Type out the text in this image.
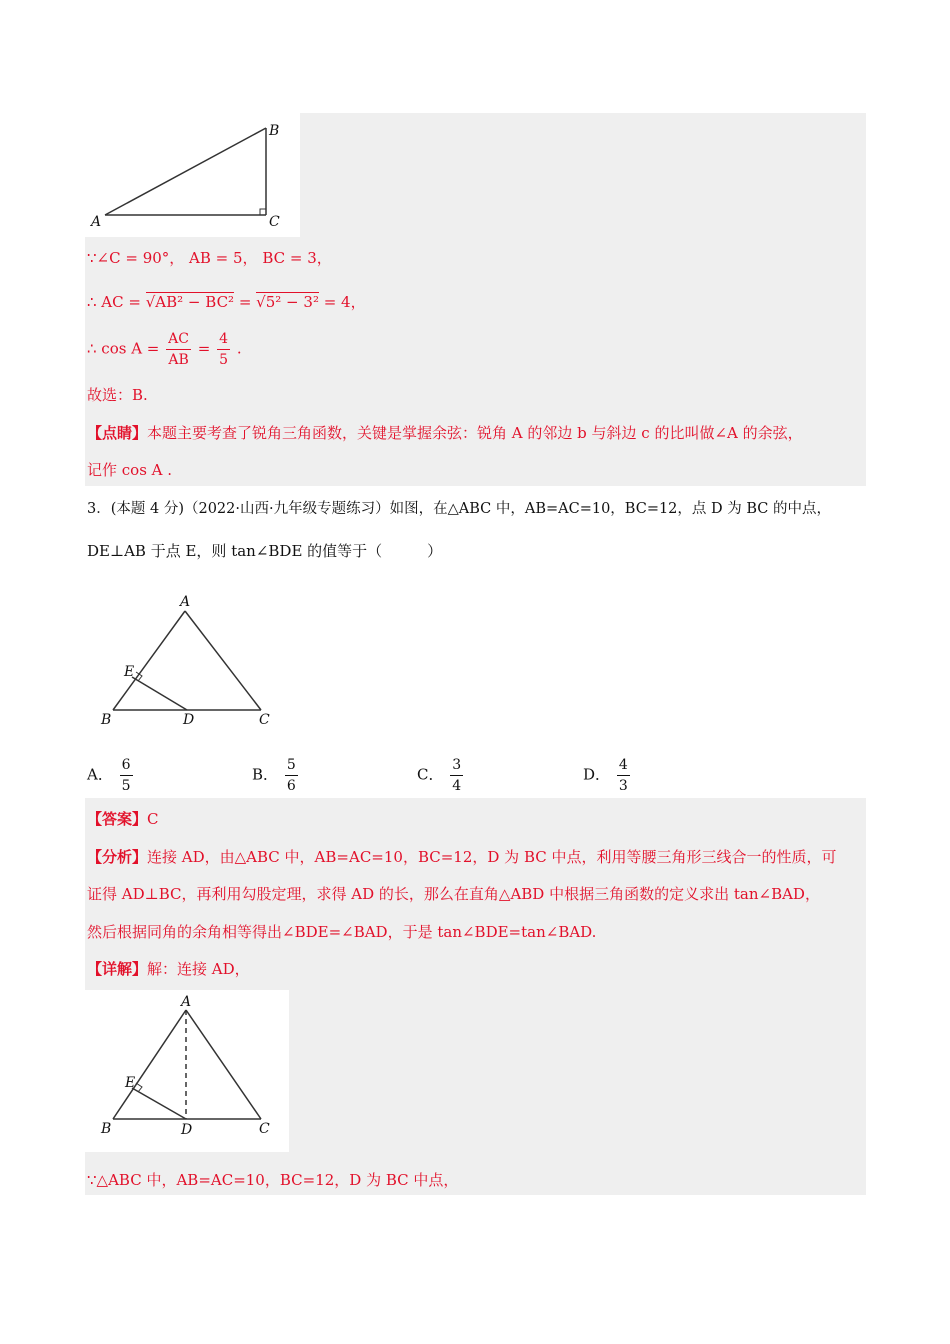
B
A	C
∵∠C = 90°， AB = 5， BC = 3，
∴ AC = √AB² − BC² = √5² − 3² = 4，
∴ $\cos A = \frac{AC}{AB} = \frac{4}{5}$ .
故选：B.
【点睛】本题主要考查了锐角三角函数，关键是掌握余弦：锐角 A 的邻边 b 与斜边 c 的比叫做∠A 的余弦，
记作 cos A .
3．(本题 4 分)（2022·山西·九年级专题练习）如图，在△ABC 中，AB=AC=10，BC=12，点 D 为 BC 的中点，
DE⊥AB 于点 E，则 tan∠BDE 的值等于（　　　）
A
E
B	D	C
A． $\frac{6}{5}$	B． $\frac{5}{6}$	C． $\frac{3}{4}$	D． $\frac{4}{3}$
【答案】C
【分析】连接 AD，由△ABC 中，AB=AC=10，BC=12，D 为 BC 中点，利用等腰三角形三线合一的性质，可
证得 AD⊥BC，再利用勾股定理，求得 AD 的长，那么在直角△ABD 中根据三角函数的定义求出 tan∠BAD，
然后根据同角的余角相等得出∠BDE=∠BAD，于是 tan∠BDE=tan∠BAD.
【详解】解：连接 AD，
A
E
B	D	C
∵△ABC 中，AB=AC=10，BC=12，D 为 BC 中点，
